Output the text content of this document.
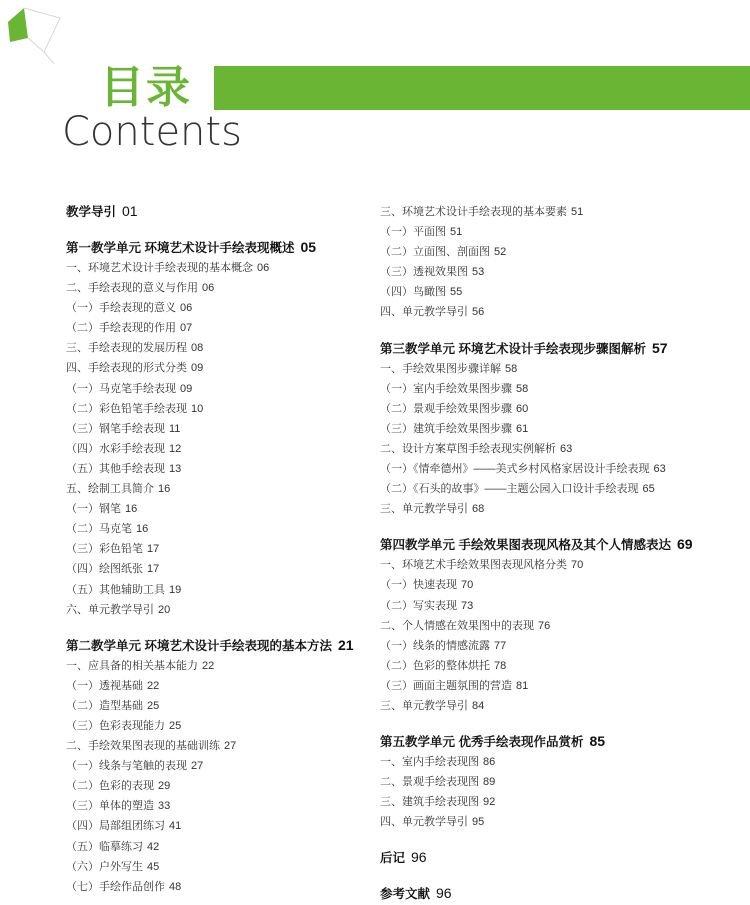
目录
Contents
教学导引 01
第一教学单元 环境艺术设计手绘表现概述 05
一、环境艺术设计手绘表现的基本概念 06
二、手绘表现的意义与作用 06
（一）手绘表现的意义 06
（二）手绘表现的作用 07
三、手绘表现的发展历程 08
四、手绘表现的形式分类 09
（一）马克笔手绘表现 09
（二）彩色铅笔手绘表现 10
（三）钢笔手绘表现 11
（四）水彩手绘表现 12
（五）其他手绘表现 13
五、绘制工具简介 16
（一）钢笔 16
（二）马克笔 16
（三）彩色铅笔 17
（四）绘图纸张 17
（五）其他辅助工具 19
六、单元教学导引 20
第二教学单元 环境艺术设计手绘表现的基本方法 21
一、应具备的相关基本能力 22
（一）透视基础 22
（二）造型基础 25
（三）色彩表现能力 25
二、手绘效果图表现的基础训练 27
（一）线条与笔触的表现 27
（二）色彩的表现 29
（三）单体的塑造 33
（四）局部组团练习 41
（五）临摹练习 42
（六）户外写生 45
（七）手绘作品创作 48
三、环境艺术设计手绘表现的基本要素 51
（一）平面图 51
（二）立面图、剖面图 52
（三）透视效果图 53
（四）鸟瞰图 55
四、单元教学导引 56
第三教学单元 环境艺术设计手绘表现步骤图解析 57
一、手绘效果图步骤详解 58
（一）室内手绘效果图步骤 58
（二）景观手绘效果图步骤 60
（三）建筑手绘效果图步骤 61
二、设计方案草图手绘表现实例解析 63
（一）《情牵德州》——美式乡村风格家居设计手绘表现 63
（二）《石头的故事》——主题公园入口设计手绘表现 65
三、单元教学导引 68
第四教学单元 手绘效果图表现风格及其个人情感表达 69
一、环境艺术手绘效果图表现风格分类 70
（一）快速表现 70
（二）写实表现 73
二、个人情感在效果图中的表现 76
（一）线条的情感流露 77
（二）色彩的整体烘托 78
（三）画面主题氛围的营造 81
三、单元教学导引 84
第五教学单元 优秀手绘表现作品赏析 85
一、室内手绘表现图 86
二、景观手绘表现图 89
三、建筑手绘表现图 92
四、单元教学导引 95
后记 96
参考文献 96
